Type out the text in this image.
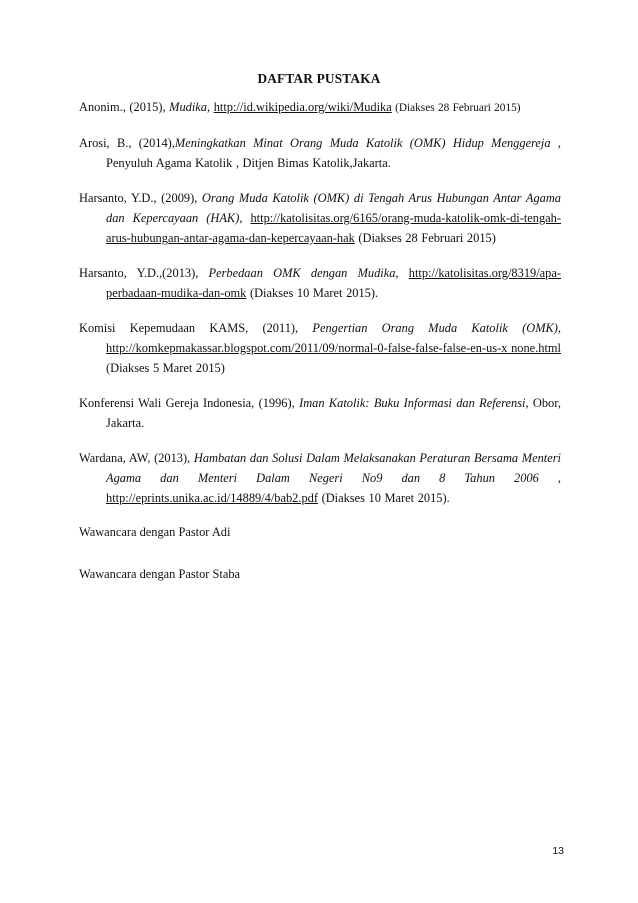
DAFTAR PUSTAKA

Anonim., (2015), Mudika, http://id.wikipedia.org/wiki/Mudika (Diakses 28 Februari 2015)

Arosi, B., (2014),Meningkatkan Minat Orang Muda Katolik (OMK) Hidup Menggereja , Penyuluh Agama Katolik , Ditjen Bimas Katolik,Jakarta.

Harsanto, Y.D., (2009), Orang Muda Katolik (OMK) di Tengah Arus Hubungan Antar Agama dan Kepercayaan (HAK), http://katolisitas.org/6165/orang-muda-katolik-omk-di-tengah-arus-hubungan-antar-agama-dan-kepercayaan-hak (Diakses 28 Februari 2015)

Harsanto, Y.D.,(2013), Perbedaan OMK dengan Mudika, http://katolisitas.org/8319/apa-perbadaan-mudika-dan-omk (Diakses 10 Maret 2015).

Komisi Kepemudaan KAMS, (2011), Pengertian Orang Muda Katolik (OMK), http://komkepmakassar.blogspot.com/2011/09/normal-0-false-false-false-en-us-x none.html (Diakses 5 Maret 2015)

Konferensi Wali Gereja Indonesia, (1996), Iman Katolik: Buku Informasi dan Referensi, Obor, Jakarta.

Wardana, AW, (2013), Hambatan dan Solusi Dalam Melaksanakan Peraturan Bersama Menteri Agama dan Menteri Dalam Negeri No9 dan 8 Tahun 2006 , http://eprints.unika.ac.id/14889/4/bab2.pdf (Diakses 10 Maret 2015).

Wawancara dengan Pastor Adi

Wawancara dengan Pastor Staba

13
